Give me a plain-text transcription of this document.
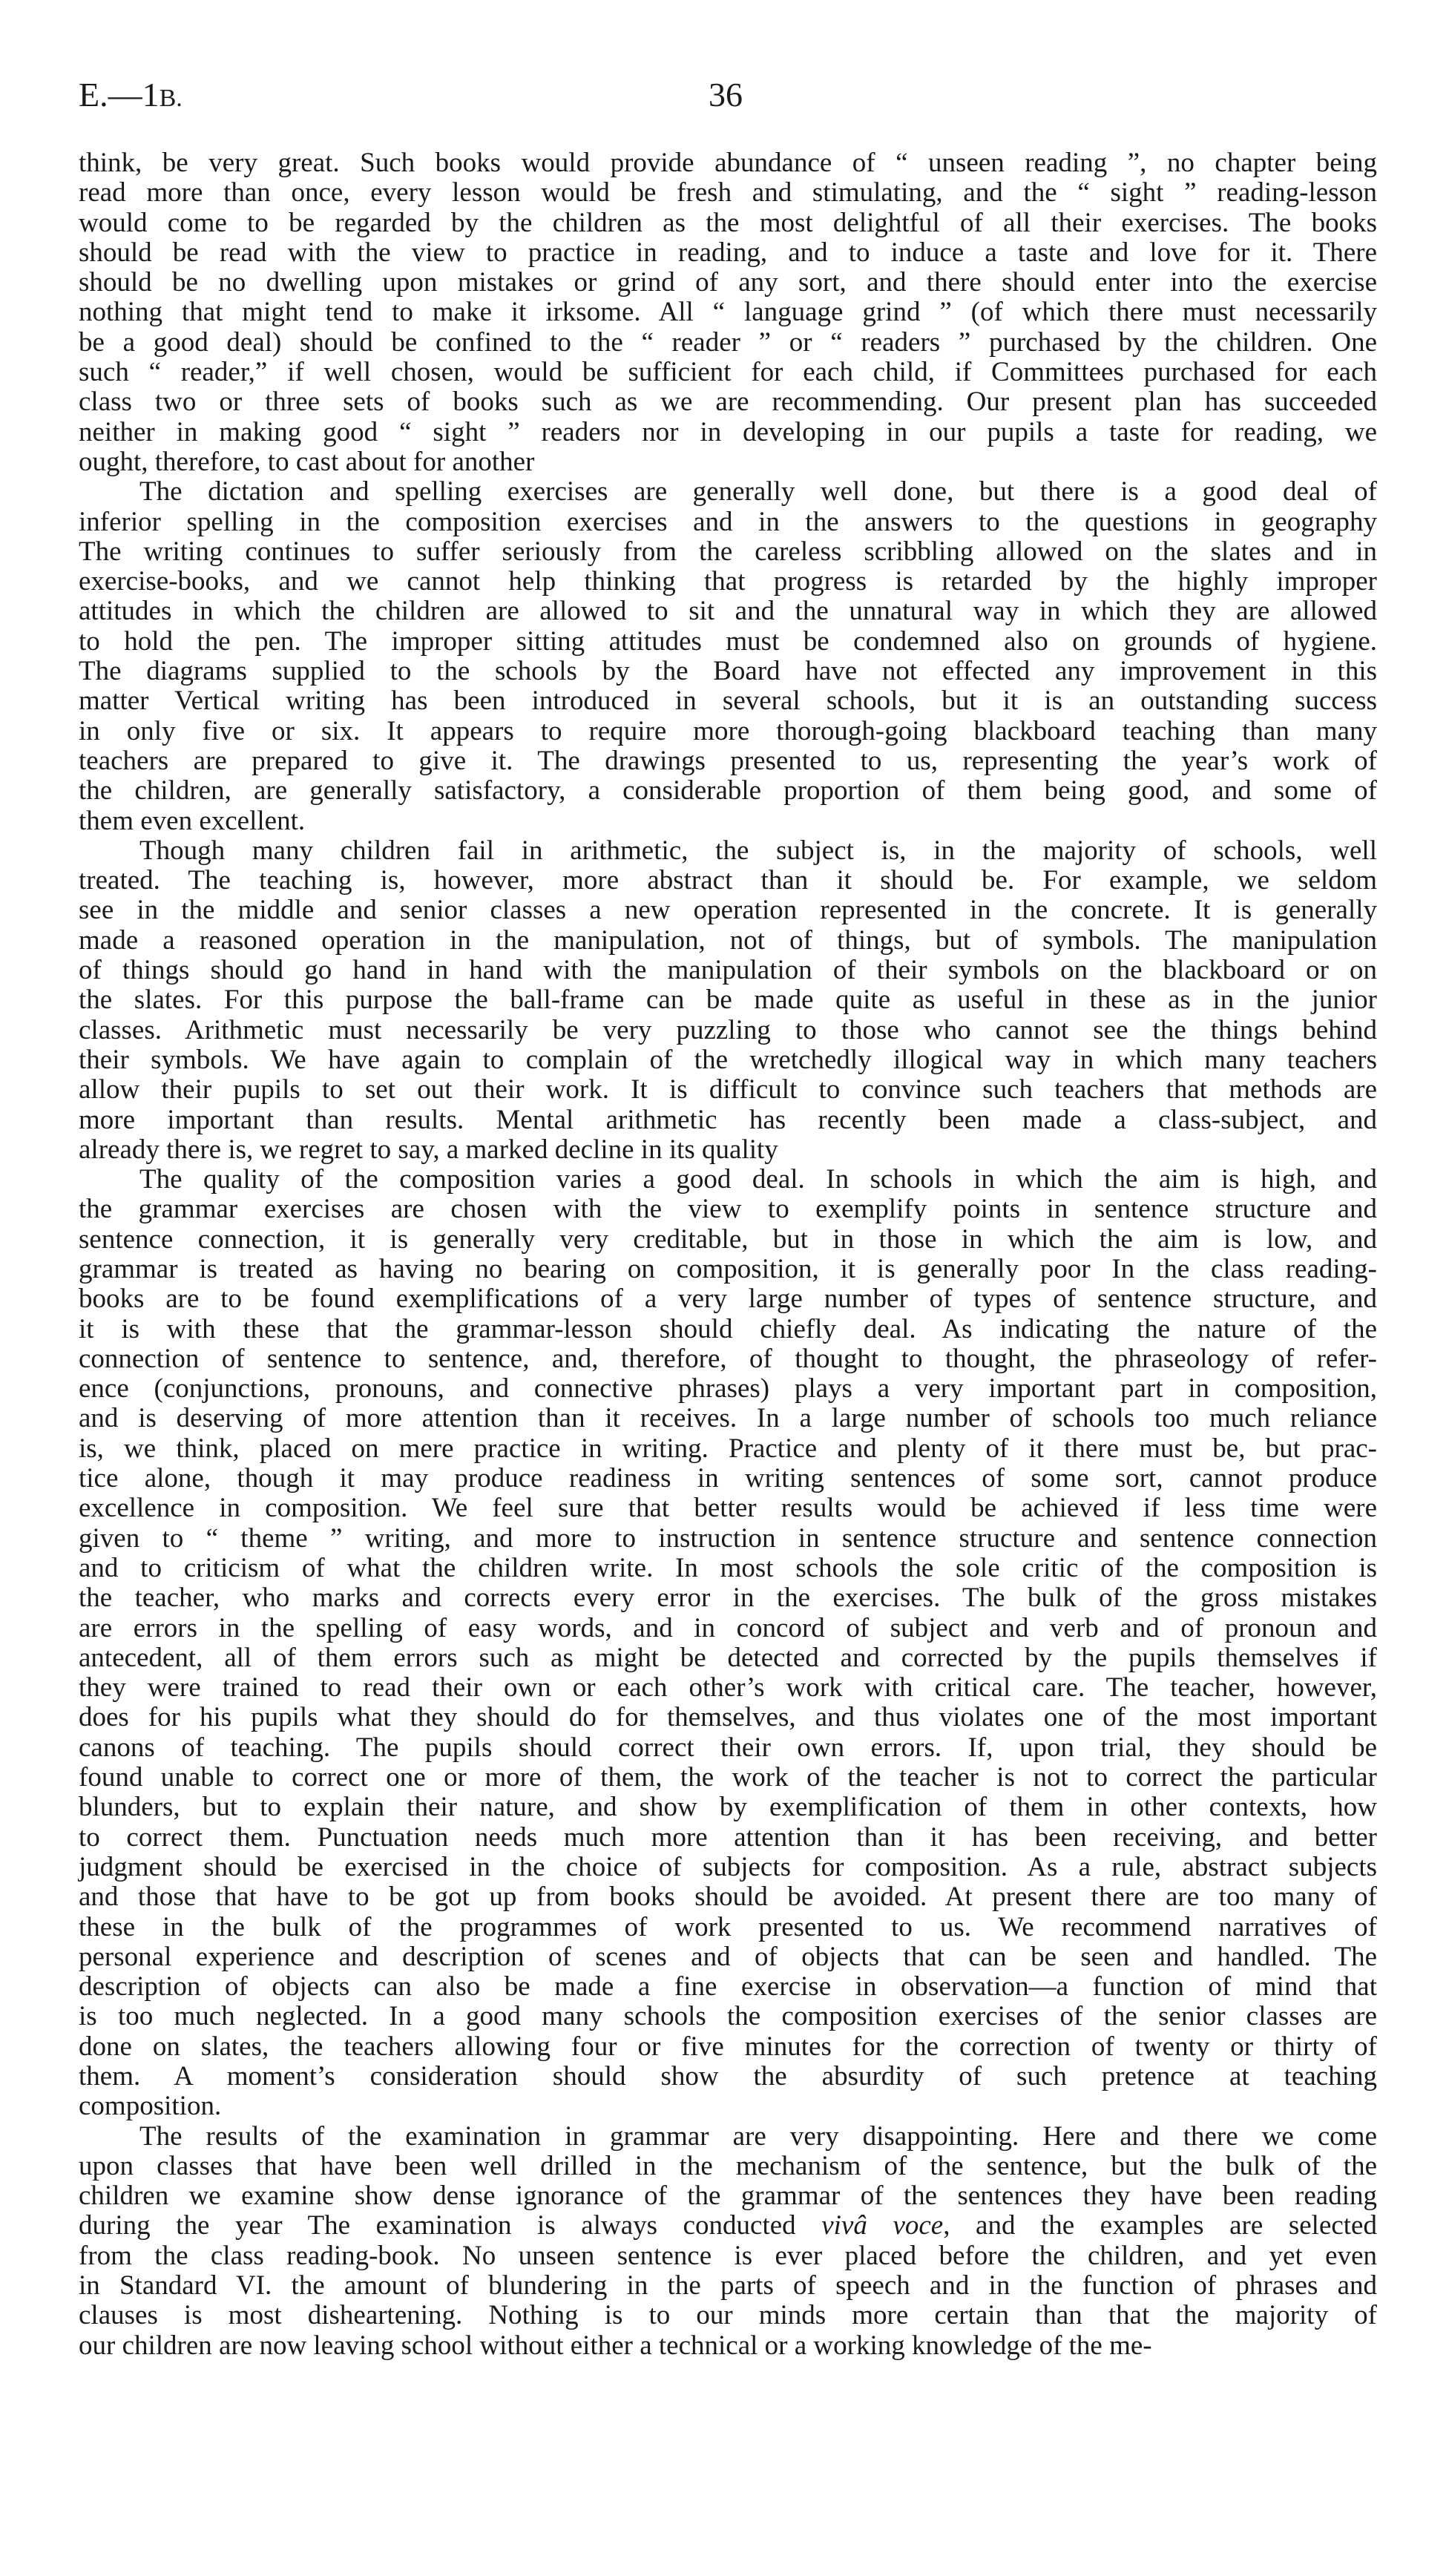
E.—1B.	36
think, be very great. Such books would provide abundance of “ unseen reading ”, no chapter being
read more than once, every lesson would be fresh and stimulating, and the “ sight ” reading-lesson
would come to be regarded by the children as the most delightful of all their exercises. The books
should be read with the view to practice in reading, and to induce a taste and love for it. There
should be no dwelling upon mistakes or grind of any sort, and there should enter into the exercise
nothing that might tend to make it irksome. All “ language grind ” (of which there must necessarily
be a good deal) should be confined to the “ reader ” or “ readers ” purchased by the children. One
such “ reader,” if well chosen, would be sufficient for each child, if Committees purchased for each
class two or three sets of books such as we are recommending. Our present plan has succeeded
neither in making good “ sight ” readers nor in developing in our pupils a taste for reading, we
ought, therefore, to cast about for another
The dictation and spelling exercises are generally well done, but there is a good deal of
inferior spelling in the composition exercises and in the answers to the questions in geography
The writing continues to suffer seriously from the careless scribbling allowed on the slates and in
exercise-books, and we cannot help thinking that progress is retarded by the highly improper
attitudes in which the children are allowed to sit and the unnatural way in which they are allowed
to hold the pen. The improper sitting attitudes must be condemned also on grounds of hygiene.
The diagrams supplied to the schools by the Board have not effected any improvement in this
matter Vertical writing has been introduced in several schools, but it is an outstanding success
in only five or six. It appears to require more thorough-going blackboard teaching than many
teachers are prepared to give it. The drawings presented to us, representing the year’s work of
the children, are generally satisfactory, a considerable proportion of them being good, and some of
them even excellent.
Though many children fail in arithmetic, the subject is, in the majority of schools, well
treated. The teaching is, however, more abstract than it should be. For example, we seldom
see in the middle and senior classes a new operation represented in the concrete. It is generally
made a reasoned operation in the manipulation, not of things, but of symbols. The manipulation
of things should go hand in hand with the manipulation of their symbols on the blackboard or on
the slates. For this purpose the ball-frame can be made quite as useful in these as in the junior
classes. Arithmetic must necessarily be very puzzling to those who cannot see the things behind
their symbols. We have again to complain of the wretchedly illogical way in which many teachers
allow their pupils to set out their work. It is difficult to convince such teachers that methods are
more important than results. Mental arithmetic has recently been made a class-subject, and
already there is, we regret to say, a marked decline in its quality
The quality of the composition varies a good deal. In schools in which the aim is high, and
the grammar exercises are chosen with the view to exemplify points in sentence structure and
sentence connection, it is generally very creditable, but in those in which the aim is low, and
grammar is treated as having no bearing on composition, it is generally poor In the class reading-
books are to be found exemplifications of a very large number of types of sentence structure, and
it is with these that the grammar-lesson should chiefly deal. As indicating the nature of the
connection of sentence to sentence, and, therefore, of thought to thought, the phraseology of refer-
ence (conjunctions, pronouns, and connective phrases) plays a very important part in composition,
and is deserving of more attention than it receives. In a large number of schools too much reliance
is, we think, placed on mere practice in writing. Practice and plenty of it there must be, but prac-
tice alone, though it may produce readiness in writing sentences of some sort, cannot produce
excellence in composition. We feel sure that better results would be achieved if less time were
given to “ theme ” writing, and more to instruction in sentence structure and sentence connection
and to criticism of what the children write. In most schools the sole critic of the composition is
the teacher, who marks and corrects every error in the exercises. The bulk of the gross mistakes
are errors in the spelling of easy words, and in concord of subject and verb and of pronoun and
antecedent, all of them errors such as might be detected and corrected by the pupils themselves if
they were trained to read their own or each other’s work with critical care. The teacher, however,
does for his pupils what they should do for themselves, and thus violates one of the most important
canons of teaching. The pupils should correct their own errors. If, upon trial, they should be
found unable to correct one or more of them, the work of the teacher is not to correct the particular
blunders, but to explain their nature, and show by exemplification of them in other contexts, how
to correct them. Punctuation needs much more attention than it has been receiving, and better
judgment should be exercised in the choice of subjects for composition. As a rule, abstract subjects
and those that have to be got up from books should be avoided. At present there are too many of
these in the bulk of the programmes of work presented to us. We recommend narratives of
personal experience and description of scenes and of objects that can be seen and handled. The
description of objects can also be made a fine exercise in observation—a function of mind that
is too much neglected. In a good many schools the composition exercises of the senior classes are
done on slates, the teachers allowing four or five minutes for the correction of twenty or thirty of
them. A moment’s consideration should show the absurdity of such pretence at teaching
composition.
The results of the examination in grammar are very disappointing. Here and there we come
upon classes that have been well drilled in the mechanism of the sentence, but the bulk of the
children we examine show dense ignorance of the grammar of the sentences they have been reading
during the year The examination is always conducted vivâ voce, and the examples are selected
from the class reading-book. No unseen sentence is ever placed before the children, and yet even
in Standard VI. the amount of blundering in the parts of speech and in the function of phrases and
clauses is most disheartening. Nothing is to our minds more certain than that the majority of
our children are now leaving school without either a technical or a working knowledge of the me-
